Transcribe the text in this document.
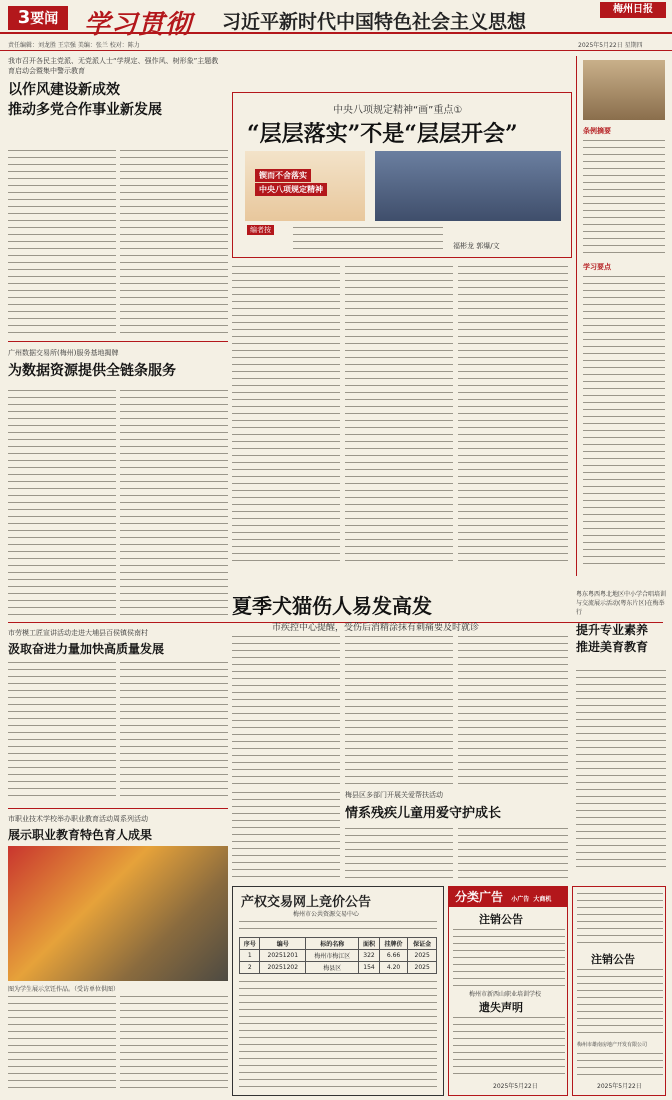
3要闻 学习贯彻 习近平新时代中国特色社会主义思想
梅州日报
责任编辑：刘龙胜 王宗强 美编：张兰 校对：陈力	2025年5月22日 星期四
我市召开各民主党派、无党派人士“学规定、强作风、树形象”主题教育启动会暨集中警示教育
以作风建设新成效
推动多党合作事业新发展
广州数据交易所(梅州)服务基地揭牌
为数据资源提供全链条服务
中央八项规定精神“画”重点①
“层层落实”不是“层层开会”
锲而不舍落实
中央八项规定精神
编者按
福彬龙 郭爆/文
条例摘要
学习要点
市劳模工匠宣讲活动走进大埔县百侯镇侯南村
汲取奋进力量加快高质量发展
夏季犬猫伤人易发高发
市疾控中心提醒，受伤后消精涂抹有刺痛要及时就诊
粤东粤西粤北地区中小学合唱培训与交流展示活动(粤东片区)在梅举行
提升专业素养
推进美育教育
市职业技术学校举办职业教育活动周系列活动
展示职业教育特色育人成果
图为学生展示烹饪作品。（受访单位供图）
梅县区多部门开展关爱帮扶活动
情系残疾儿童用爱守护成长
产权交易网上竞价公告
梅州市公共资源交易中心
序号	编号	标的名称	面积	挂牌价	保证金
1	20251201	梅州市梅江区	322	6.66	2025
2	20251202	梅县区	154	4.20	2025
分类广告 小广告 大商机
注销公告
梅州市新西山职业培训学校
遗失声明
2025年5月22日
注销公告
梅州市雄南房地产开发有限公司
2025年5月22日
